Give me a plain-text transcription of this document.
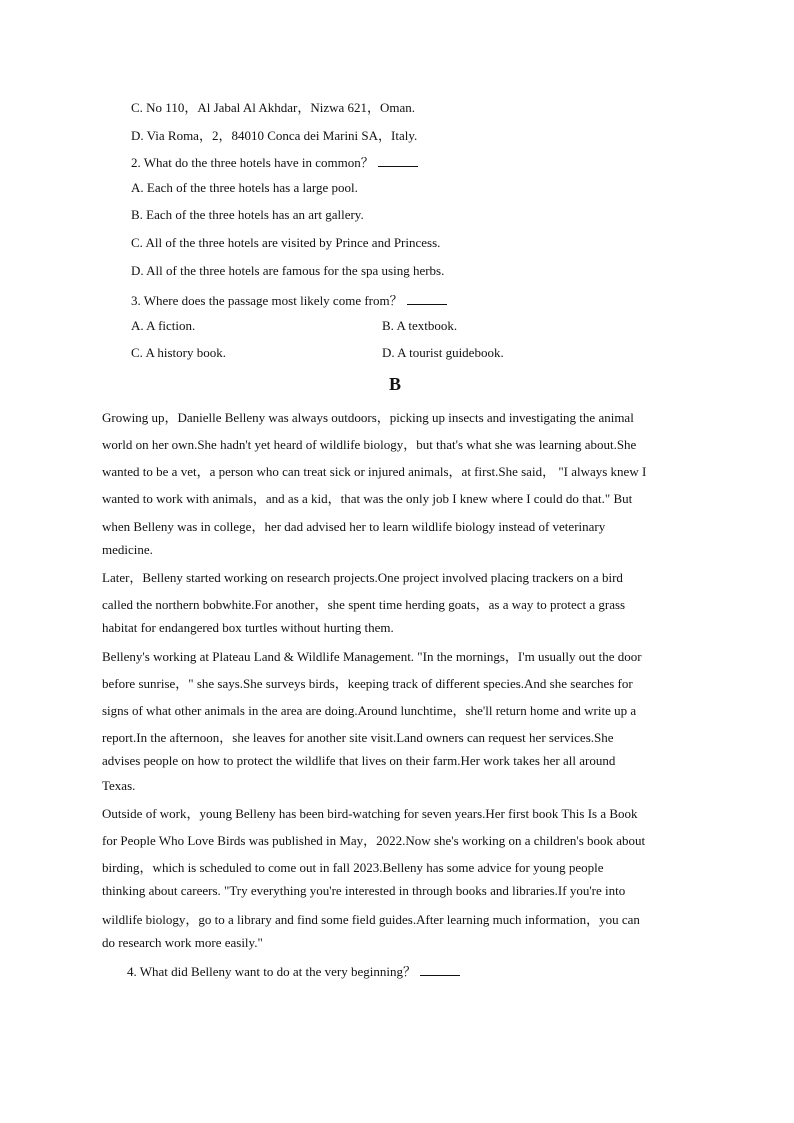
C. No 110，Al Jabal Al Akhdar，Nizwa 621，Oman.
D. Via Roma，2，84010 Conca dei Marini SA，Italy.
2. What do the three hotels have in common？
A. Each of the three hotels has a large pool.
B. Each of the three hotels has an art gallery.
C. All of the three hotels are visited by Prince and Princess.
D. All of the three hotels are famous for the spa using herbs.
3. Where does the passage most likely come from？
A. A fiction.	B. A textbook.
C. A history book.	D. A tourist guidebook.
B
Growing up，Danielle Belleny was always outdoors，picking up insects and investigating the animal
world on her own.She hadn't yet heard of wildlife biology，but that's what she was learning about.She
wanted to be a vet，a person who can treat sick or injured animals，at first.She said， "I always knew I
wanted to work with animals，and as a kid，that was the only job I knew where I could do that." But
when Belleny was in college，her dad advised her to learn wildlife biology instead of veterinary
medicine.
Later，Belleny started working on research projects.One project involved placing trackers on a bird
called the northern bobwhite.For another，she spent time herding goats，as a way to protect a grass
habitat for endangered box turtles without hurting them.
Belleny's working at Plateau Land & Wildlife Management. "In the mornings，I'm usually out the door
before sunrise，" she says.She surveys birds，keeping track of different species.And she searches for
signs of what other animals in the area are doing.Around lunchtime，she'll return home and write up a
report.In the afternoon，she leaves for another site visit.Land owners can request her services.She
advises people on how to protect the wildlife that lives on their farm.Her work takes her all around
Texas.
Outside of work，young Belleny has been bird-watching for seven years.Her first book This Is a Book
for People Who Love Birds was published in May，2022.Now she's working on a children's book about
birding，which is scheduled to come out in fall 2023.Belleny has some advice for young people
thinking about careers. "Try everything you're interested in through books and libraries.If you're into
wildlife biology，go to a library and find some field guides.After learning much information，you can
do research work more easily."
4. What did Belleny want to do at the very beginning？
